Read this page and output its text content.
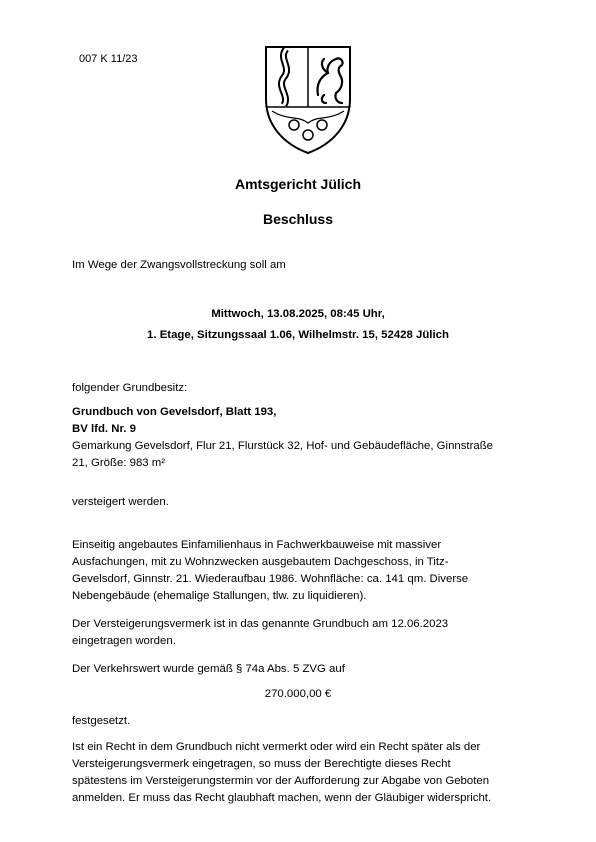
007 K 11/23
Amtsgericht Jülich
Beschluss
Im Wege der Zwangsvollstreckung soll am
Mittwoch, 13.08.2025, 08:45 Uhr,
1. Etage, Sitzungssaal 1.06, Wilhelmstr. 15, 52428 Jülich
folgender Grundbesitz:
Grundbuch von Gevelsdorf, Blatt 193,
BV lfd. Nr. 9
Gemarkung Gevelsdorf, Flur 21, Flurstück 32, Hof- und Gebäudefläche, Ginnstraße
21, Größe: 983 m²
versteigert werden.
Einseitig angebautes Einfamilienhaus in Fachwerkbauweise mit massiver
Ausfachungen, mit zu Wohnzwecken ausgebautem Dachgeschoss, in Titz-
Gevelsdorf, Ginnstr. 21. Wiederaufbau 1986. Wohnfläche: ca. 141 qm. Diverse
Nebengebäude (ehemalige Stallungen, tlw. zu liquidieren).
Der Versteigerungsvermerk ist in das genannte Grundbuch am 12.06.2023
eingetragen worden.
Der Verkehrswert wurde gemäß § 74a Abs. 5 ZVG auf
270.000,00 €
festgesetzt.
Ist ein Recht in dem Grundbuch nicht vermerkt oder wird ein Recht später als der
Versteigerungsvermerk eingetragen, so muss der Berechtigte dieses Recht
spätestens im Versteigerungstermin vor der Aufforderung zur Abgabe von Geboten
anmelden. Er muss das Recht glaubhaft machen, wenn der Gläubiger widerspricht.
